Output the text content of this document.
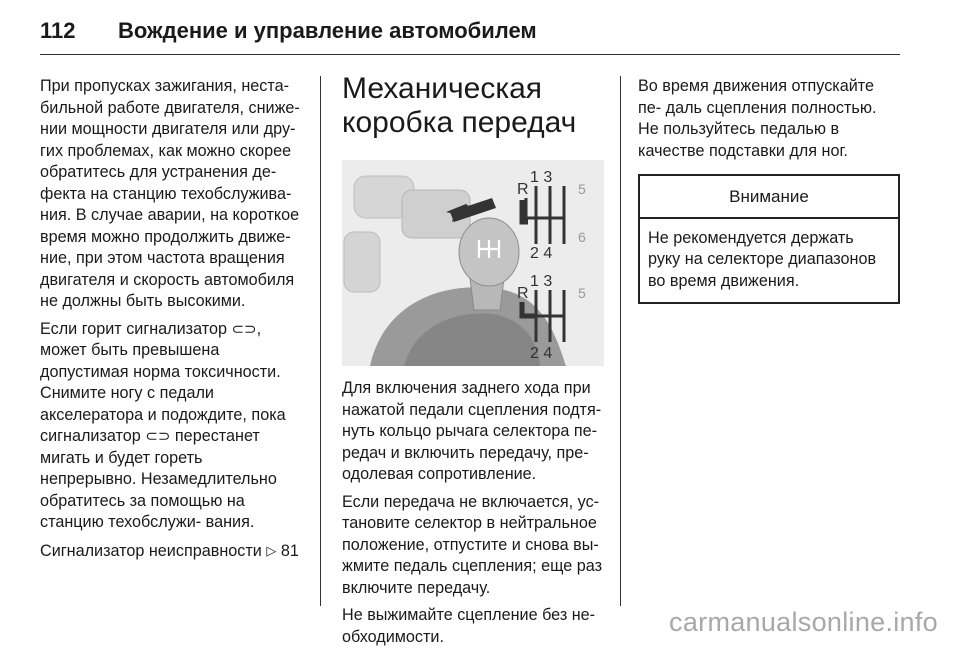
112 Вождение и управление автомобилем

При пропусках зажигания, неста- бильной работе двигателя, сниже- нии мощности двигателя или дру- гих проблемах, как можно скорее обратитесь для устранения де- фекта на станцию техобслужива- ния. В случае аварии, на короткое время можно продолжить движе- ние, при этом частота вращения двигателя и скорость автомобиля не должны быть высокими.

Если горит сигнализатор ⊂⊃, может быть превышена допустимая норма токсичности. Снимите ногу с педали акселератора и подождите, пока сигнализатор ⊂⊃ перестанет мигать и будет гореть непрерывно. Незамедлительно обратитесь за помощью на станцию техобслужи- вания.

Сигнализатор неисправности ▷ 81

Механическая коробка передач
1 3
R	5
6
2 4
1 3
R	5
2 4

Для включения заднего хода при нажатой педали сцепления подтя- нуть кольцо рычага селектора пе- редач и включить передачу, пре- одолевая сопротивление.

Если передача не включается, ус- тановите селектор в нейтральное положение, отпустите и снова вы- жмите педаль сцепления; еще раз включите передачу.

Не выжимайте сцепление без не- обходимости.

Во время движения отпускайте пе- даль сцепления полностью. Не пользуйтесь педалью в качестве подставки для ног.

Внимание
Не рекомендуется держать руку на селекторе диапазонов во время движения.
carmanualsonline.info
